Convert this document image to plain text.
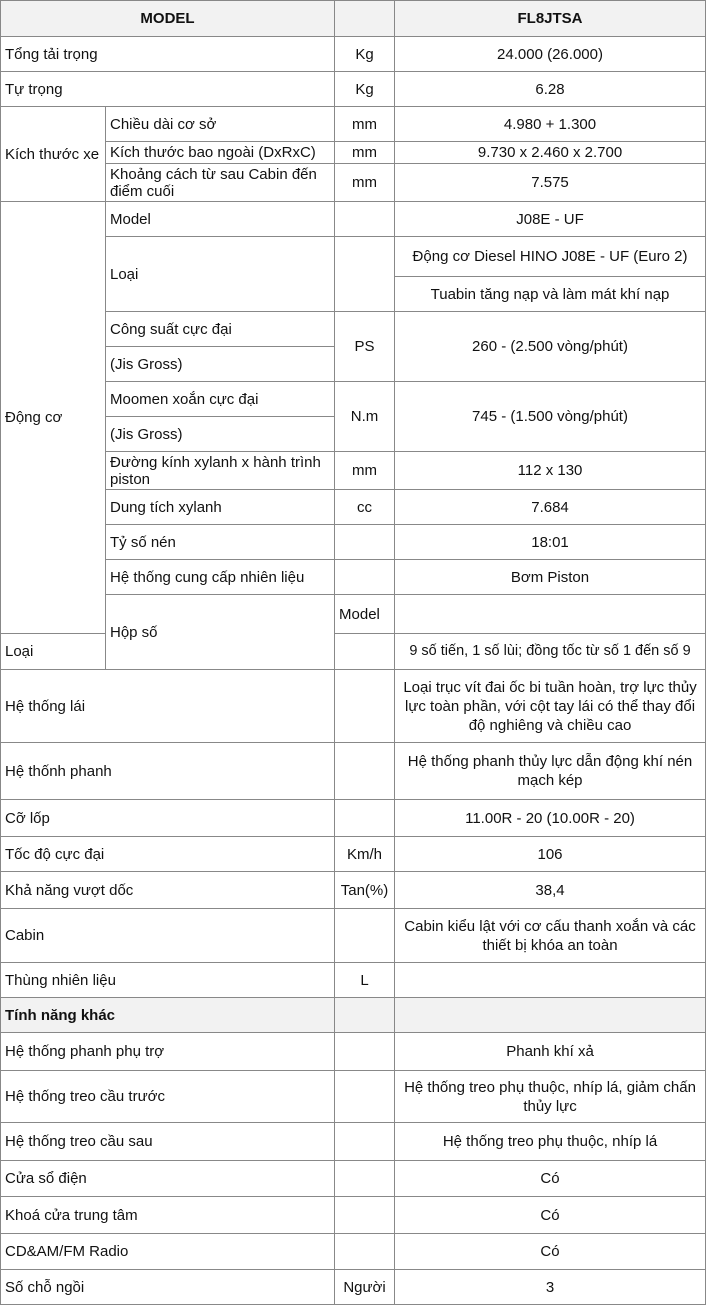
MODEL			FL8JTSA	
Tổng tải trọng		Kg	24.000 (26.000)	
Tự trọng		Kg	6.28	
Kích thước xe	Chiều dài cơ sở	mm	4.980 + 1.300	
	Kích thước bao ngoài (DxRxC)	mm	9.730 x 2.460 x 2.700	
	Khoảng cách từ sau Cabin đến điểm cuối	mm	7.575	
Động cơ	Model		J08E - UF	
	Loại		Động cơ Diesel HINO J08E - UF (Euro 2)	
			Tuabin tăng nạp và làm mát khí nạp	
	Công suất cực đại	PS	260 - (2.500 vòng/phút)	
	(Jis Gross)			
	Moomen xoắn cực đại	N.m	745 - (1.500 vòng/phút)	
	(Jis Gross)			
	Đường kính xylanh x hành trình piston	mm	112 x 130	
	Dung tích xylanh	cc	7.684	
	Tỷ số nén		18:01	
	Hệ thống cung cấp nhiên liệu		Bơm Piston	
	Hộp số	Model		
Loại			9 số tiến, 1 số lùi; đồng tốc từ số 1 đến số 9	
Hệ thống lái			Loại trục vít đai ốc bi tuần hoàn, trợ lực thủy lực toàn phần, với cột tay lái có thể thay đổi độ nghiêng và chiều cao	
Hệ thốnh phanh			Hệ thống phanh thủy lực dẫn động khí nén mạch kép	
Cỡ lốp			11.00R - 20 (10.00R - 20)	
Tốc độ cực đại		Km/h	106	
Khả năng vượt dốc		Tan(%)	38,4	
Cabin			Cabin kiểu lật với cơ cấu thanh xoắn và các thiết bị khóa an toàn	
Thùng nhiên liệu		L		
Tính năng khác				
Hệ thống phanh phụ trợ			Phanh khí xả	
Hệ thống treo cầu trước			Hệ thống treo phụ thuộc, nhíp lá, giảm chấn thủy lực	
Hệ thống treo cầu sau			Hệ thống treo phụ thuộc, nhíp lá	
Cửa sổ điện			Có	
Khoá cửa trung tâm			Có	
CD&AM/FM Radio			Có	
Số chỗ ngồi		Người	3	
